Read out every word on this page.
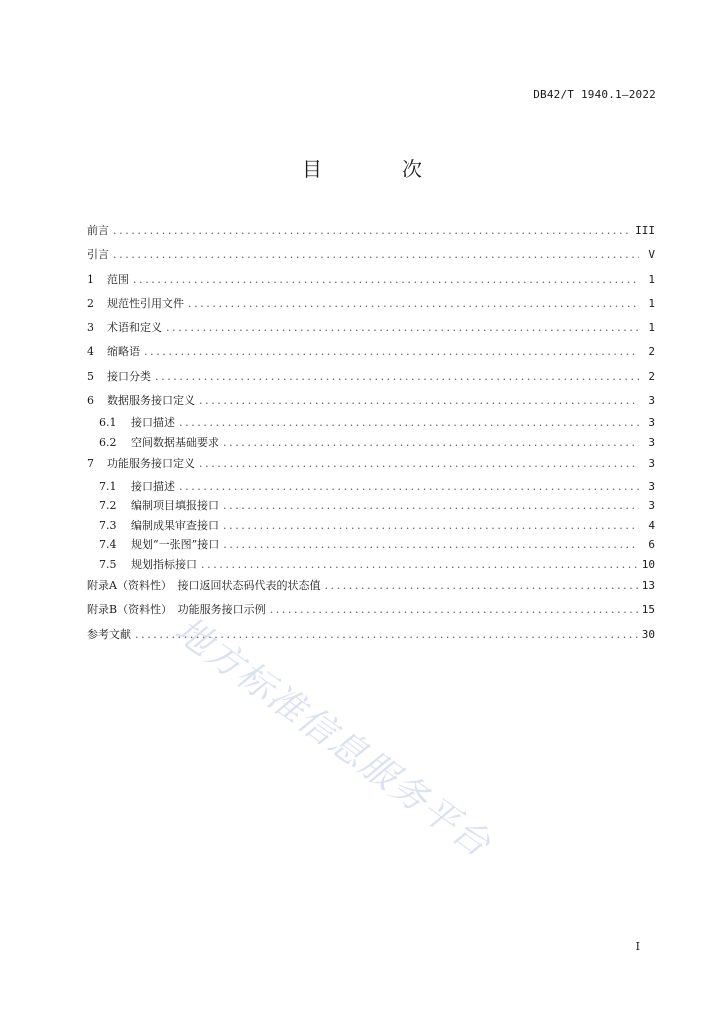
DB42/T 1940.1—2022
目　次
前言 .....	III
引言 .....	V
1	范围 .....	1
2	规范性引用文件 .....	1
3	术语和定义 .....	1
4	缩略语 .....	2
5	接口分类 .....	2
6	数据服务接口定义 .....	3
6.1	接口描述 .....	3
6.2	空间数据基础要求 .....	3
7	功能服务接口定义 .....	3
7.1	接口描述 .....	3
7.2	编制项目填报接口 .....	3
7.3	编制成果审查接口 .....	4
7.4	规划“一张图”接口 .....	6
7.5	规划指标接口 .....	10
附录A（资料性）　接口返回状态码代表的状态值 .....	13
附录B（资料性）　功能服务接口示例 .....	15
参考文献 .....	30
地方标准信息服务平台
I
